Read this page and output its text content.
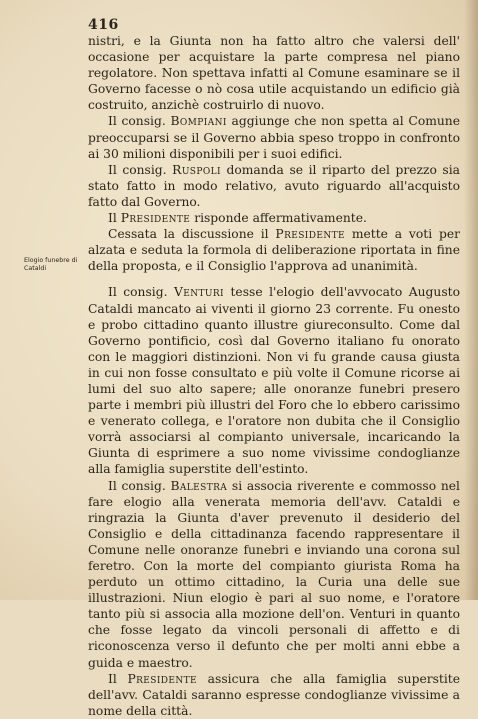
416
Elogio funebre di
Cataldi

nistri, e la Giunta non ha fatto altro che valersi dell' occasione per acquistare la parte compresa nel piano regolatore. Non spettava infatti al Comune esaminare se il Governo facesse o nò cosa utile acquistando un edificio già costruito, anzichè costruirlo di nuovo.

Il consig. Bompiani aggiunge che non spetta al Comune preoccuparsi se il Governo abbia speso troppo in confronto ai 30 milioni disponibili per i suoi edifici.

Il consig. Ruspoli domanda se il riparto del prezzo sia stato fatto in modo relativo, avuto riguardo all'acquisto fatto dal Governo.

Il Presidente risponde affermativamente.

Cessata la discussione il Presidente mette a voti per alzata e seduta la formola di deliberazione riportata in fine della proposta, e il Consiglio l'approva ad unanimità.

Il consig. Venturi tesse l'elogio dell'avvocato Augusto Cataldi mancato ai viventi il giorno 23 corrente. Fu onesto e probo cittadino quanto illustre giureconsulto. Come dal Governo pontificio, così dal Governo italiano fu onorato con le maggiori distinzioni. Non vi fu grande causa giusta in cui non fosse consultato e più volte il Comune ricorse ai lumi del suo alto sapere; alle onoranze funebri presero parte i membri più illustri del Foro che lo ebbero carissimo e venerato collega, e l'oratore non dubita che il Consiglio vorrà associarsi al compianto universale, incaricando la Giunta di esprimere a suo nome vivissime condoglianze alla famiglia superstite dell'estinto.

Il consig. Balestra si associa riverente e commosso nel fare elogio alla venerata memoria dell'avv. Cataldi e ringrazia la Giunta d'aver prevenuto il desiderio del Consiglio e della cittadinanza facendo rappresentare il Comune nelle onoranze funebri e inviando una corona sul feretro. Con la morte del compianto giurista Roma ha perduto un ottimo cittadino, la Curia una delle sue illustrazioni. Niun elogio è pari al suo nome, e l'oratore tanto più si associa alla mozione dell'on. Venturi in quanto che fosse legato da vincoli personali di affetto e di riconoscenza verso il defunto che per molti anni ebbe a guida e maestro.

Il Presidente assicura che alla famiglia superstite dell'avv. Cataldi saranno espresse condoglianze vivissime a nome della città.
